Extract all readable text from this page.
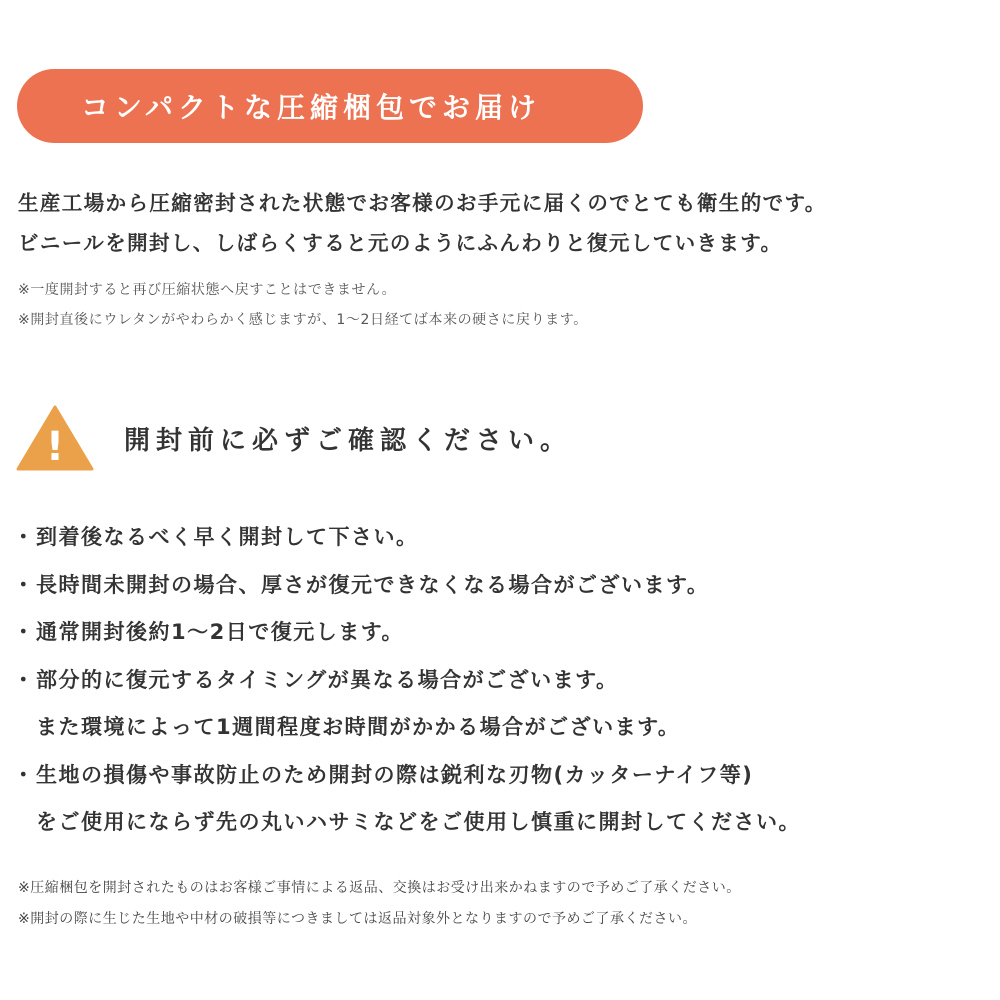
コンパクトな圧縮梱包でお届け
生産工場から圧縮密封された状態でお客様のお手元に届くのでとても衛生的です。
ビニールを開封し、しばらくすると元のようにふんわりと復元していきます。
※一度開封すると再び圧縮状態へ戻すことはできません。
※開封直後にウレタンがやわらかく感じますが、1〜2日経てば本来の硬さに戻ります。
! 開封前に必ずご確認ください。
・ 到着後なるべく早く開封して下さい。
・ 長時間未開封の場合、厚さが復元できなくなる場合がございます。
・ 通常開封後約1〜2日で復元します。
・ 部分的に復元するタイミングが異なる場合がございます。
また環境によって1週間程度お時間がかかる場合がございます。
・ 生地の損傷や事故防止のため開封の際は鋭利な刃物(カッターナイフ等)
をご使用にならず先の丸いハサミなどをご使用し慎重に開封してください。
※圧縮梱包を開封されたものはお客様ご事情による返品、交換はお受け出来かねますので予めご了承ください。
※開封の際に生じた生地や中材の破損等につきましては返品対象外となりますので予めご了承ください。
